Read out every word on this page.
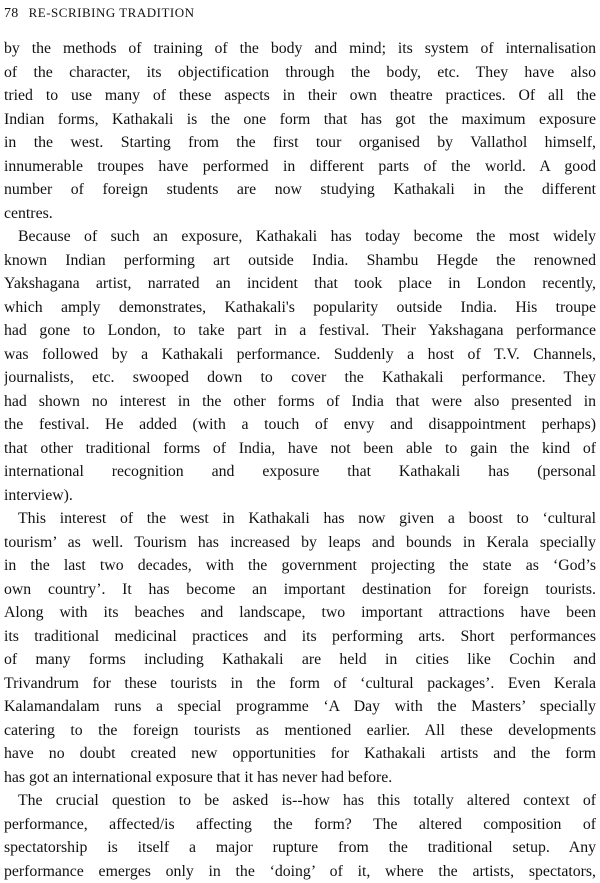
78 RE-SCRIBING TRADITION

by the methods of training of the body and mind; its system of internalisation
of the character, its objectification through the body, etc. They have also
tried to use many of these aspects in their own theatre practices. Of all the
Indian forms, Kathakali is the one form that has got the maximum exposure
in the west. Starting from the first tour organised by Vallathol himself,
innumerable troupes have performed in different parts of the world. A good
number of foreign students are now studying Kathakali in the different
centres.

Because of such an exposure, Kathakali has today become the most widely
known Indian performing art outside India. Shambu Hegde the renowned
Yakshagana artist, narrated an incident that took place in London recently,
which amply demonstrates, Kathakali's popularity outside India. His troupe
had gone to London, to take part in a festival. Their Yakshagana performance
was followed by a Kathakali performance. Suddenly a host of T.V. Channels,
journalists, etc. swooped down to cover the Kathakali performance. They
had shown no interest in the other forms of India that were also presented in
the festival. He added (with a touch of envy and disappointment perhaps)
that other traditional forms of India, have not been able to gain the kind of
international recognition and exposure that Kathakali has (personal
interview).

This interest of the west in Kathakali has now given a boost to ‘cultural
tourism’ as well. Tourism has increased by leaps and bounds in Kerala specially
in the last two decades, with the government projecting the state as ‘God’s
own country’. It has become an important destination for foreign tourists.
Along with its beaches and landscape, two important attractions have been
its traditional medicinal practices and its performing arts. Short performances
of many forms including Kathakali are held in cities like Cochin and
Trivandrum for these tourists in the form of ‘cultural packages’. Even Kerala
Kalamandalam runs a special programme ‘A Day with the Masters’ specially
catering to the foreign tourists as mentioned earlier. All these developments
have no doubt created new opportunities for Kathakali artists and the form
has got an international exposure that it has never had before.

The crucial question to be asked is--how has this totally altered context of
performance, affected/is affecting the form? The altered composition of
spectatorship is itself a major rupture from the traditional setup. Any
performance emerges only in the ‘doing’ of it, where the artists, spectators,
